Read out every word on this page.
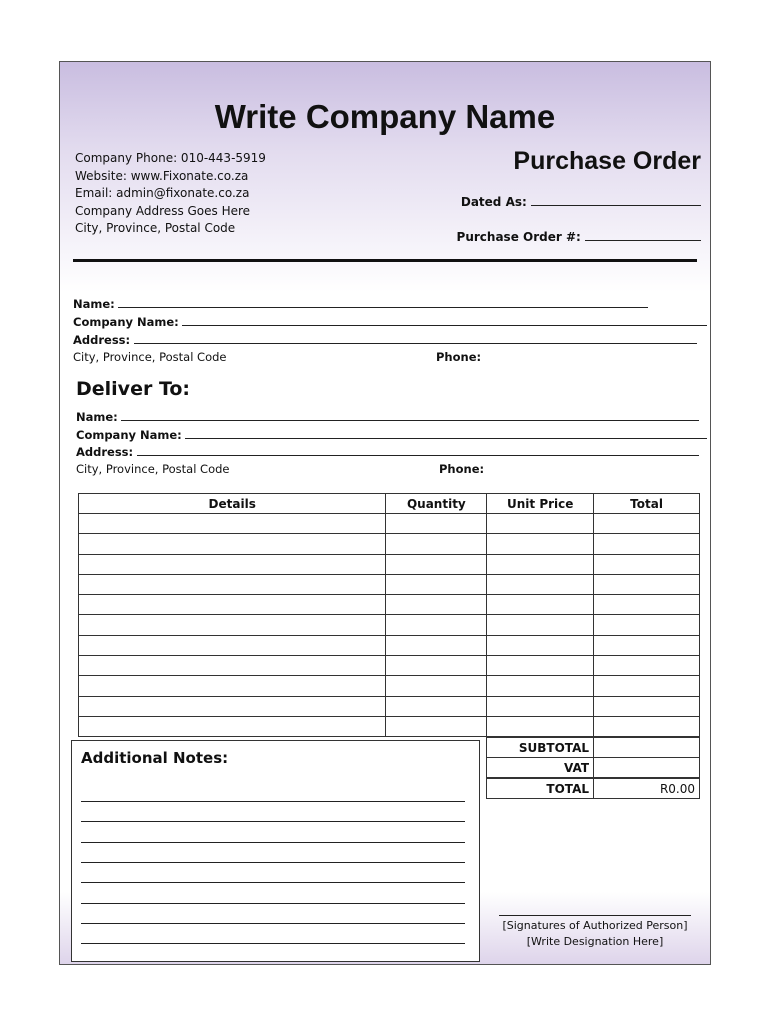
Write Company Name
Company Phone: 010-443-5919
Website: www.Fixonate.co.za
Email: admin@fixonate.co.za
Company Address Goes Here
City, Province, Postal Code
Purchase Order
Dated As:
Purchase Order #:
Name:
Company Name:
Address:
City, Province, Postal Code	Phone:
Deliver To:
Name:
Company Name:
Address:
City, Province, Postal Code	Phone:
Details	Quantity	Unit Price	Total

Additional Notes:
SUBTOTAL	
VAT	
TOTAL	R0.00
[Signatures of Authorized Person]
[Write Designation Here]
